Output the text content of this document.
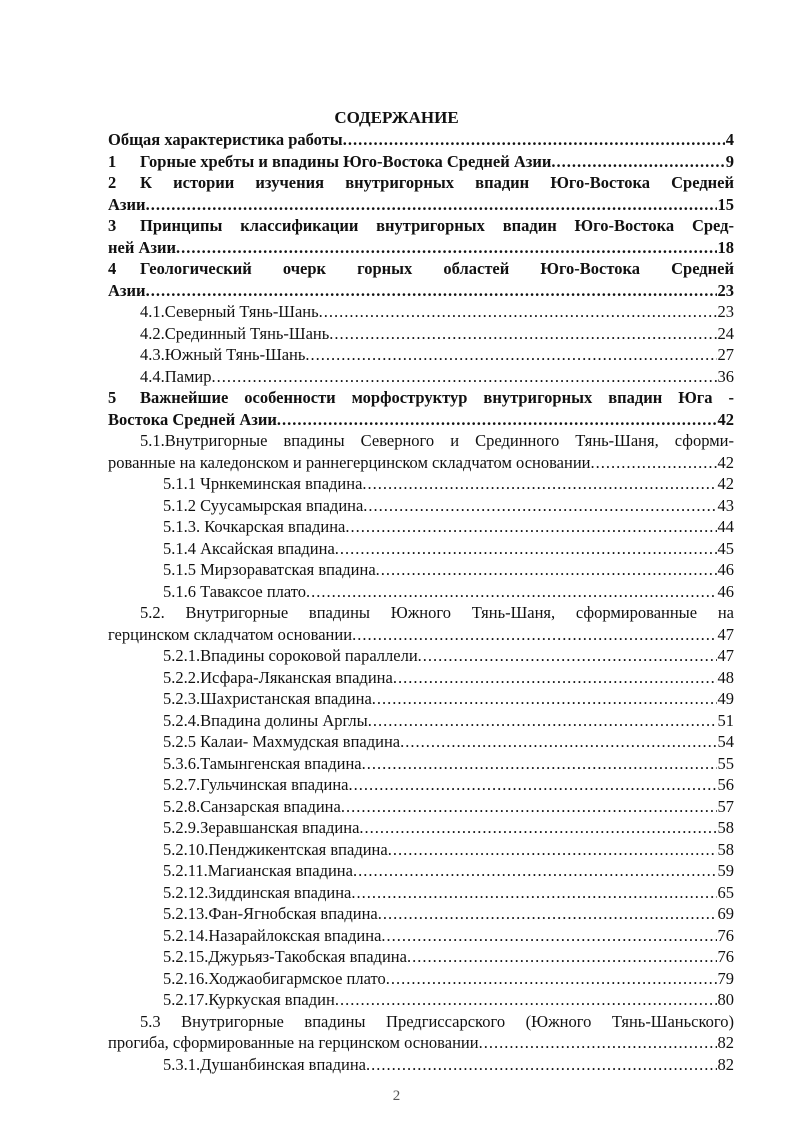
СОДЕРЖАНИЕ
Общая характеристика работы .....	4
1	Горные хребты и впадины Юго-Востока Средней Азии .....	9
2 К истории изучения внутригорных впадин Юго-Востока Средней
Азии .....	15
3 Принципы классификации внутригорных впадин Юго-Востока Сред-
ней Азии .....	18
4 Геологический очерк горных областей Юго-Востока Средней
Азии .....	23
4.1.Северный Тянь-Шань .....	23
4.2.Срединный Тянь-Шань .....	24
4.3.Южный Тянь-Шань .....	27
4.4.Памир .....	36
5 Важнейшие особенности морфоструктур внутригорных впадин Юга -
Востока Средней Азии .....	42
5.1.Внутригорные впадины Северного и Срединного Тянь-Шаня, сформи-
рованные на каледонском и раннегерцинском складчатом основании .....	42
5.1.1 Чрнкеминская впадина .....	42
5.1.2 Суусамырская впадина .....	43
5.1.3. Кочкарская впадина .....	44
5.1.4 Аксайская впадина .....	45
5.1.5 Мирзораватская впадина .....	46
5.1.6 Таваксое плато .....	46
5.2. Внутригорные впадины Южного Тянь-Шаня, сформированные на
герцинском складчатом основании .....	47
5.2.1.Впадины сороковой параллели .....	47
5.2.2.Исфара-Ляканская впадина .....	48
5.2.3.Шахристанская впадина .....	49
5.2.4.Впадина долины Арглы .....	51
5.2.5 Калаи- Махмудская впадина .....	54
5.3.6.Тамынгенская впадина .....	55
5.2.7.Гульчинская впадина .....	56
5.2.8.Санзарская впадина .....	57
5.2.9.Зеравшанская впадина .....	58
5.2.10.Пенджикентская впадина .....	58
5.2.11.Магианская впадина .....	59
5.2.12.Зиддинская впадина .....	65
5.2.13.Фан-Ягнобская впадина .....	69
5.2.14.Назарайлокская впадина .....	76
5.2.15.Джурьяз-Такобская впадина .....	76
5.2.16.Ходжаобигармское плато .....	79
5.2.17.Куркуская впадин .....	80
5.3 Внутригорные впадины Предгиссарского (Южного Тянь-Шаньского)
прогиба, сформированные на герцинском основании .....	82
5.3.1.Душанбинская впадина .....	82
2
